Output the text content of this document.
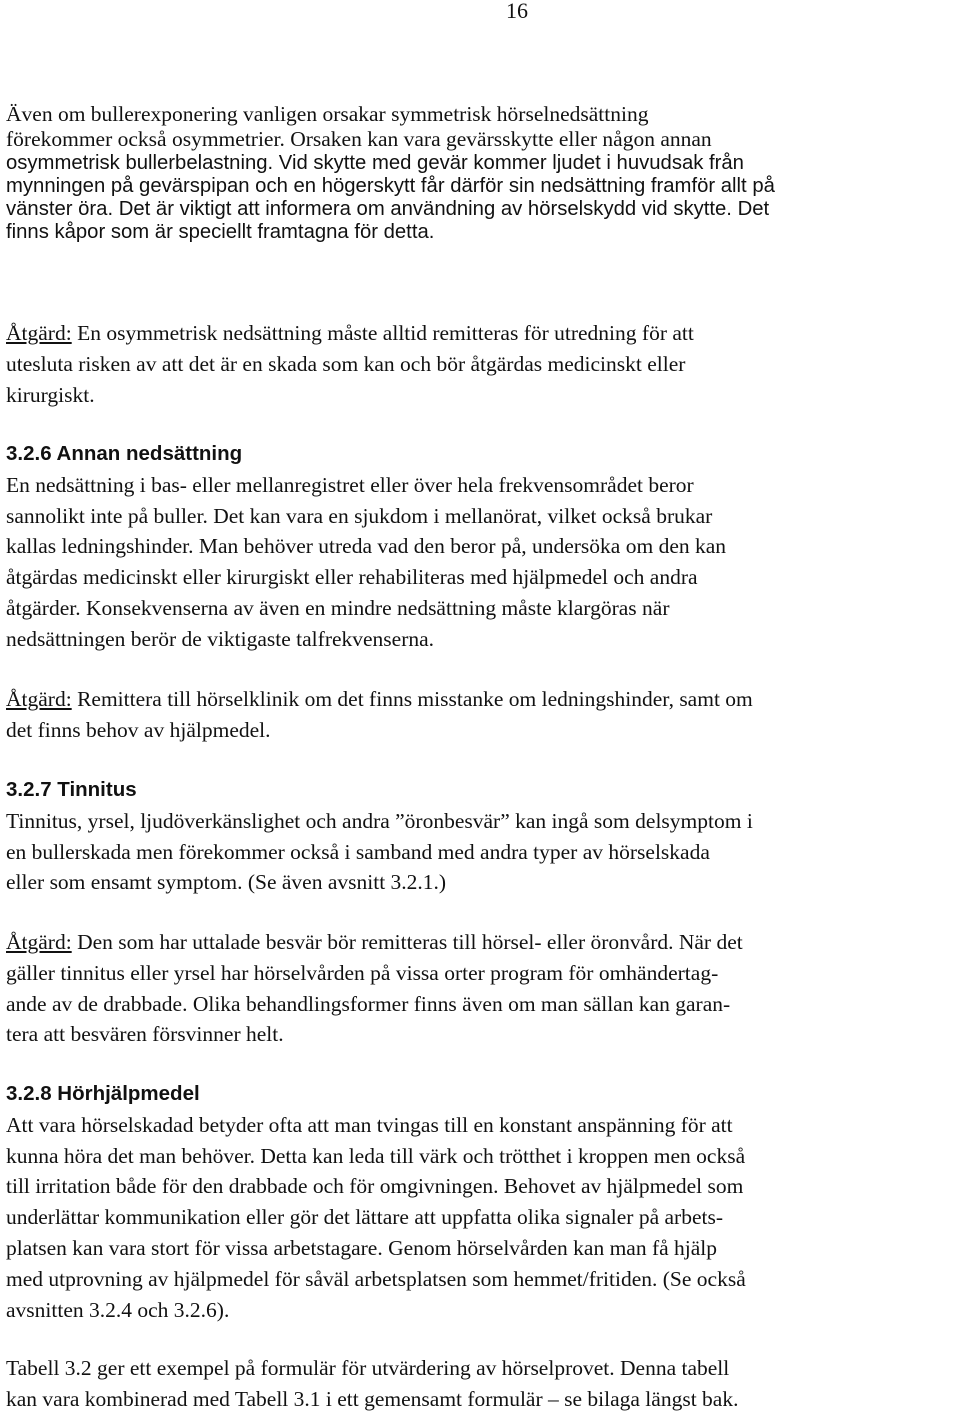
16
Även om bullerexponering vanligen orsakar symmetrisk hörselnedsättning
förekommer också osymmetrier. Orsaken kan vara gevärsskytte eller någon annan
osymmetrisk bullerbelastning. Vid skytte med gevär kommer ljudet i huvudsak från
mynningen på gevärspipan och en högerskytt får därför sin nedsättning framför allt på
vänster öra. Det är viktigt att informera om användning av hörselskydd vid skytte. Det
finns kåpor som är speciellt framtagna för detta.
Åtgärd: En osymmetrisk nedsättning måste alltid remitteras för utredning för att
utesluta risken av att det är en skada som kan och bör åtgärdas medicinskt eller
kirurgiskt.
3.2.6 Annan nedsättning
En nedsättning i bas- eller mellanregistret eller över hela frekvensområdet beror
sannolikt inte på buller. Det kan vara en sjukdom i mellanörat, vilket också brukar
kallas ledningshinder. Man behöver utreda vad den beror på, undersöka om den kan
åtgärdas medicinskt eller kirurgiskt eller rehabiliteras med hjälpmedel och andra
åtgärder. Konsekvenserna av även en mindre nedsättning måste klargöras när
nedsättningen berör de viktigaste talfrekvenserna.
Åtgärd: Remittera till hörselklinik om det finns misstanke om ledningshinder, samt om
det finns behov av hjälpmedel.
3.2.7 Tinnitus
Tinnitus, yrsel, ljudöverkänslighet och andra ”öronbesvär” kan ingå som delsymptom i
en bullerskada men förekommer också i samband med andra typer av hörselskada
eller som ensamt symptom. (Se även avsnitt 3.2.1.)
Åtgärd: Den som har uttalade besvär bör remitteras till hörsel- eller öronvård. När det
gäller tinnitus eller yrsel har hörselvården på vissa orter program för omhändertag-
ande av de drabbade. Olika behandlingsformer finns även om man sällan kan garan-
tera att besvären försvinner helt.
3.2.8 Hörhjälpmedel
Att vara hörselskadad betyder ofta att man tvingas till en konstant anspänning för att
kunna höra det man behöver. Detta kan leda till värk och trötthet i kroppen men också
till irritation både för den drabbade och för omgivningen. Behovet av hjälpmedel som
underlättar kommunikation eller gör det lättare att uppfatta olika signaler på arbets-
platsen kan vara stort för vissa arbetstagare. Genom hörselvården kan man få hjälp
med utprovning av hjälpmedel för såväl arbetsplatsen som hemmet/fritiden. (Se också
avsnitten 3.2.4 och 3.2.6).
Tabell 3.2 ger ett exempel på formulär för utvärdering av hörselprovet. Denna tabell
kan vara kombinerad med Tabell 3.1 i ett gemensamt formulär – se bilaga längst bak.
